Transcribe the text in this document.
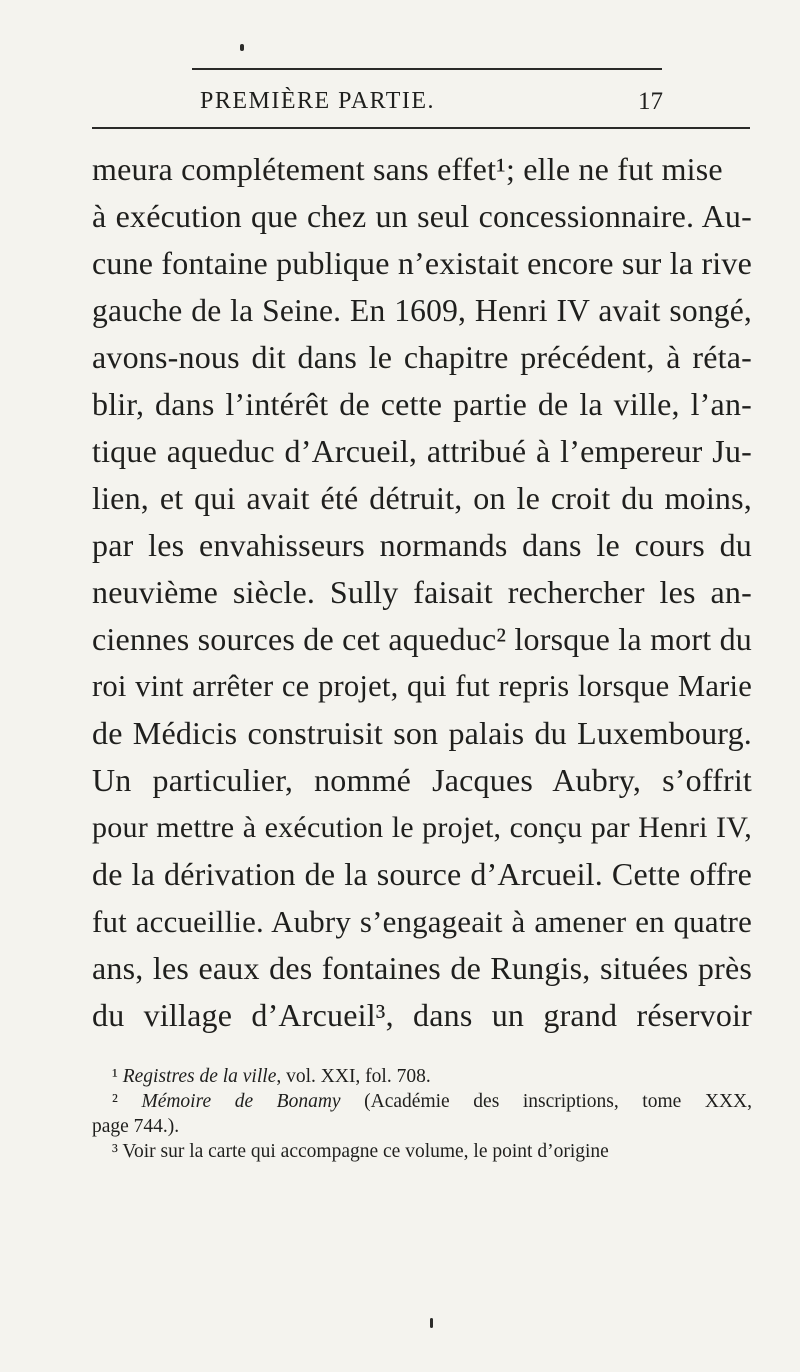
PREMIÈRE PARTIE.	17
meura complétement sans effet¹; elle ne fut mise
à exécution que chez un seul concessionnaire. Au-
cune fontaine publique n’existait encore sur la rive
gauche de la Seine. En 1609, Henri IV avait songé,
avons-nous dit dans le chapitre précédent, à réta-
blir, dans l’intérêt de cette partie de la ville, l’an-
tique aqueduc d’Arcueil, attribué à l’empereur Ju-
lien, et qui avait été détruit, on le croit du moins,
par les envahisseurs normands dans le cours du
neuvième siècle. Sully faisait rechercher les an-
ciennes sources de cet aqueduc² lorsque la mort du
roi vint arrêter ce projet, qui fut repris lorsque Marie
de Médicis construisit son palais du Luxembourg.
Un particulier, nommé Jacques Aubry, s’offrit
pour mettre à exécution le projet, conçu par Henri IV,
de la dérivation de la source d’Arcueil. Cette offre
fut accueillie. Aubry s’engageait à amener en quatre
ans, les eaux des fontaines de Rungis, situées près
du village d’Arcueil³, dans un grand réservoir
¹ Registres de la ville, vol. XXI, fol. 708.
² Mémoire de Bonamy (Académie des inscriptions, tome XXX,
page 744.).
³ Voir sur la carte qui accompagne ce volume, le point d’origine
